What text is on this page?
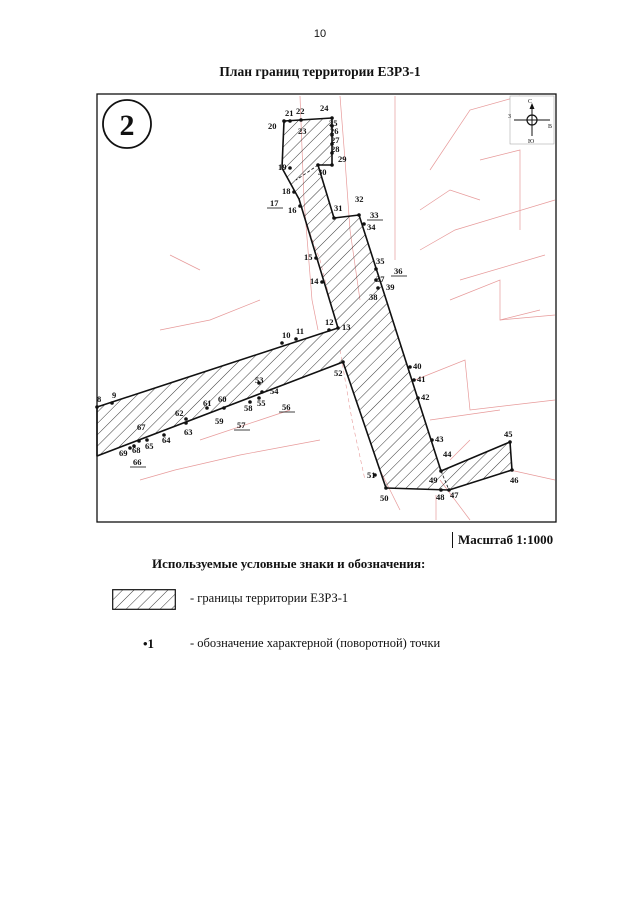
10
План границ территории ЕЗРЗ-1
2
С
Ю
З
В
8 9
10 11
12 13
14
15
16
17
18
19
20
21 22
23
24
25
26
27
28
29
30
31
32
33
34
35
36
37
38
39
40
41
42
43
44
45
46
47
48
49
50
51
52
53
54
55 56
57
58
59
60
61
62
63
64
65
66
67
68
69
Масштаб 1:1000
Используемые условные знаки и обозначения:
- границы территории ЕЗРЗ-1
•1	- обозначение характерной (поворотной) точки
